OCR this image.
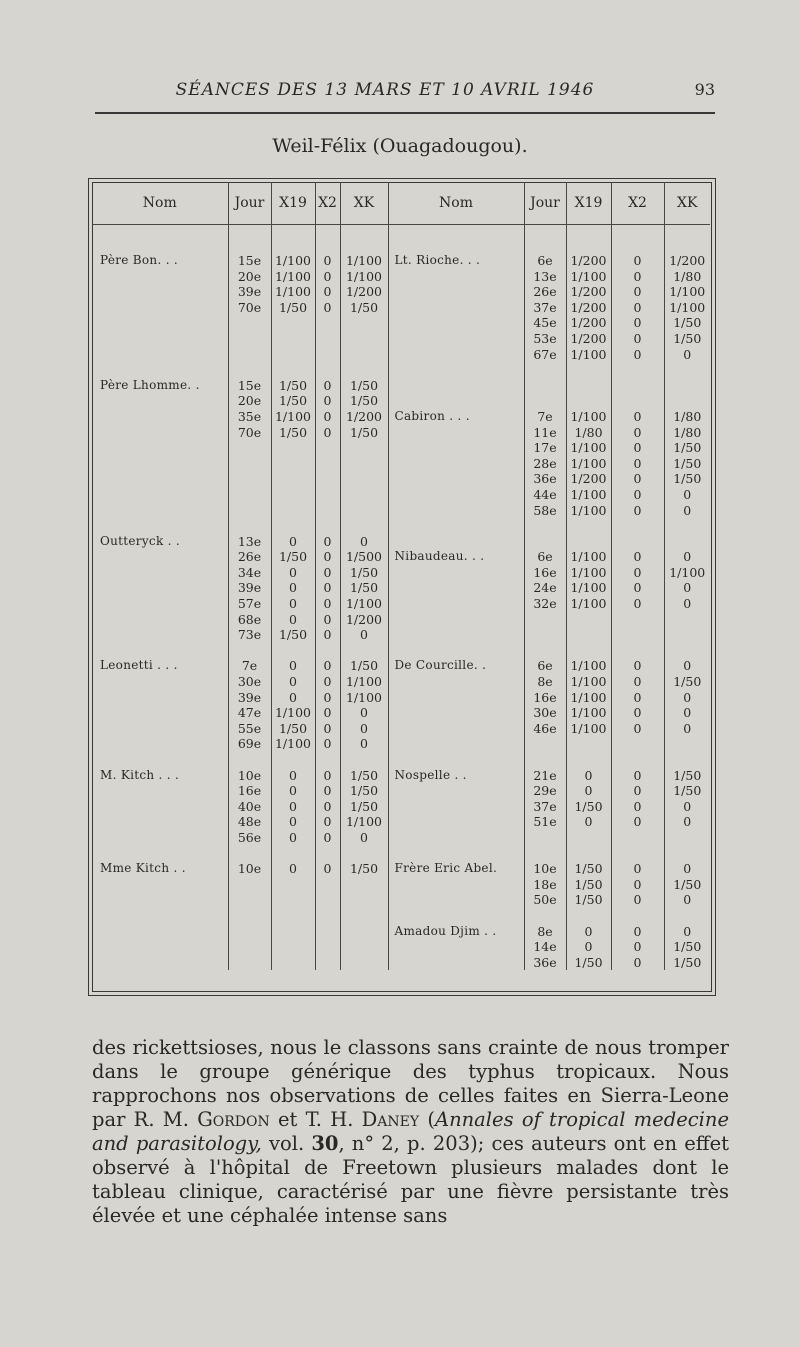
SÉANCES DES 13 MARS ET 10 AVRIL 1946	93
Weil-Félix (Ouagadougou).
Nom	Jour	X19	X2	XK	Nom	Jour	X19	X2	XK
Père Bon. . .	15e	1/100	0	1/100	Lt. Rioche. . .	6e	1/200	0	1/200
	20e	1/100	0	1/100		13e	1/100	0	1/80
	39e	1/100	0	1/200		26e	1/200	0	1/100
	70e	1/50	0	1/50		37e	1/200	0	1/100
						45e	1/200	0	1/50
						53e	1/200	0	1/50
						67e	1/100	0	0

Père Lhomme. .	15e	1/50	0	1/50					
	20e	1/50	0	1/50					
	35e	1/100	0	1/200	Cabiron . . .	7e	1/100	0	1/80
	70e	1/50	0	1/50		11e	1/80	0	1/80
						17e	1/100	0	1/50
						28e	1/100	0	1/50
						36e	1/200	0	1/50
						44e	1/100	0	0
						58e	1/100	0	0

Outteryck . .	13e	0	0	0					
	26e	1/50	0	1/500	Nibaudeau. . .	6e	1/100	0	0
	34e	0	0	1/50		16e	1/100	0	1/100
	39e	0	0	1/50		24e	1/100	0	0
	57e	0	0	1/100		32e	1/100	0	0
	68e	0	0	1/200					
	73e	1/50	0	0					

Leonetti . . .	7e	0	0	1/50	De Courcille. .	6e	1/100	0	0
	30e	0	0	1/100		8e	1/100	0	1/50
	39e	0	0	1/100		16e	1/100	0	0
	47e	1/100	0	0		30e	1/100	0	0
	55e	1/50	0	0		46e	1/100	0	0
	69e	1/100	0	0					

M. Kitch . . .	10e	0	0	1/50	Nospelle . .	21e	0	0	1/50
	16e	0	0	1/50		29e	0	0	1/50
	40e	0	0	1/50		37e	1/50	0	0
	48e	0	0	1/100		51e	0	0	0
	56e	0	0	0					

Mme Kitch . .	10e	0	0	1/50	Frère Eric Abel.	10e	1/50	0	0
						18e	1/50	0	1/50
						50e	1/50	0	0

					Amadou Djim . .	8e	0	0	0
						14e	0	0	1/50
						36e	1/50	0	1/50
des rickettsioses, nous le classons sans crainte de nous tromper dans le groupe générique des typhus tropicaux. Nous rapprochons nos observations de celles faites en Sierra-Leone par R. M. Gordon et T. H. Daney (Annales of tropical medecine and parasitology, vol. 30, n° 2, p. 203); ces auteurs ont en effet observé à l'hôpital de Freetown plusieurs malades dont le tableau clinique, caractérisé par une fièvre persistante très élevée et une céphalée intense sans
